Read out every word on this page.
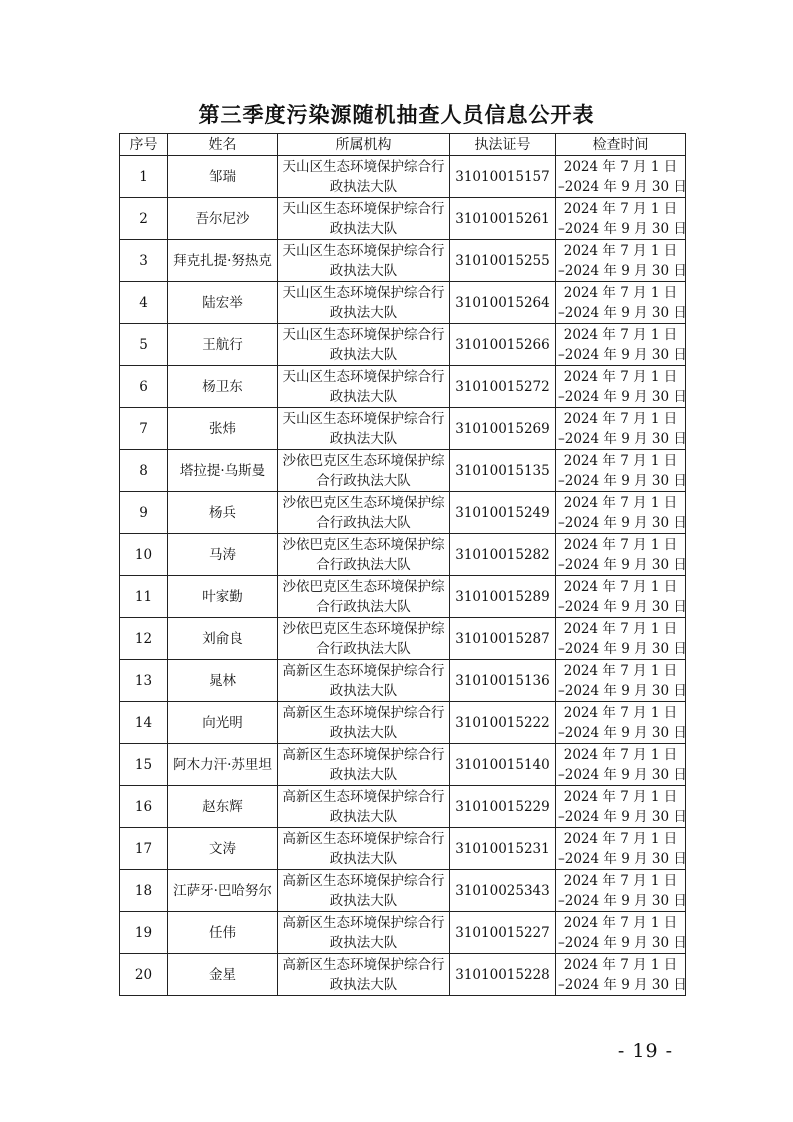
第三季度污染源随机抽查人员信息公开表
序号	姓名	所属机构	执法证号	检查时间
1	邹瑞	天山区生态环境保护综合行政执法大队	31010015157	2024 年 7 月 1 日
–2024 年 9 月 30 日

2	吾尔尼沙	天山区生态环境保护综合行政执法大队	31010015261	2024 年 7 月 1 日
–2024 年 9 月 30 日

3	拜克扎提·努热克	天山区生态环境保护综合行政执法大队	31010015255	2024 年 7 月 1 日
–2024 年 9 月 30 日

4	陆宏举	天山区生态环境保护综合行政执法大队	31010015264	2024 年 7 月 1 日
–2024 年 9 月 30 日

5	王航行	天山区生态环境保护综合行政执法大队	31010015266	2024 年 7 月 1 日
–2024 年 9 月 30 日

6	杨卫东	天山区生态环境保护综合行政执法大队	31010015272	2024 年 7 月 1 日
–2024 年 9 月 30 日

7	张炜	天山区生态环境保护综合行政执法大队	31010015269	2024 年 7 月 1 日
–2024 年 9 月 30 日

8	塔拉提·乌斯曼	沙依巴克区生态环境保护综合行政执法大队	31010015135	2024 年 7 月 1 日
–2024 年 9 月 30 日

9	杨兵	沙依巴克区生态环境保护综合行政执法大队	31010015249	2024 年 7 月 1 日
–2024 年 9 月 30 日

10	马涛	沙依巴克区生态环境保护综合行政执法大队	31010015282	2024 年 7 月 1 日
–2024 年 9 月 30 日

11	叶家勤	沙依巴克区生态环境保护综合行政执法大队	31010015289	2024 年 7 月 1 日
–2024 年 9 月 30 日

12	刘俞良	沙依巴克区生态环境保护综合行政执法大队	31010015287	2024 年 7 月 1 日
–2024 年 9 月 30 日

13	晁林	高新区生态环境保护综合行政执法大队	31010015136	2024 年 7 月 1 日
–2024 年 9 月 30 日

14	向光明	高新区生态环境保护综合行政执法大队	31010015222	2024 年 7 月 1 日
–2024 年 9 月 30 日

15	阿木力汗·苏里坦	高新区生态环境保护综合行政执法大队	31010015140	2024 年 7 月 1 日
–2024 年 9 月 30 日

16	赵东辉	高新区生态环境保护综合行政执法大队	31010015229	2024 年 7 月 1 日
–2024 年 9 月 30 日

17	文涛	高新区生态环境保护综合行政执法大队	31010015231	2024 年 7 月 1 日
–2024 年 9 月 30 日

18	江萨牙·巴哈努尔	高新区生态环境保护综合行政执法大队	31010025343	2024 年 7 月 1 日
–2024 年 9 月 30 日

19	任伟	高新区生态环境保护综合行政执法大队	31010015227	2024 年 7 月 1 日
–2024 年 9 月 30 日

20	金星	高新区生态环境保护综合行政执法大队	31010015228	2024 年 7 月 1 日
–2024 年 9 月 30 日
- 19 -
